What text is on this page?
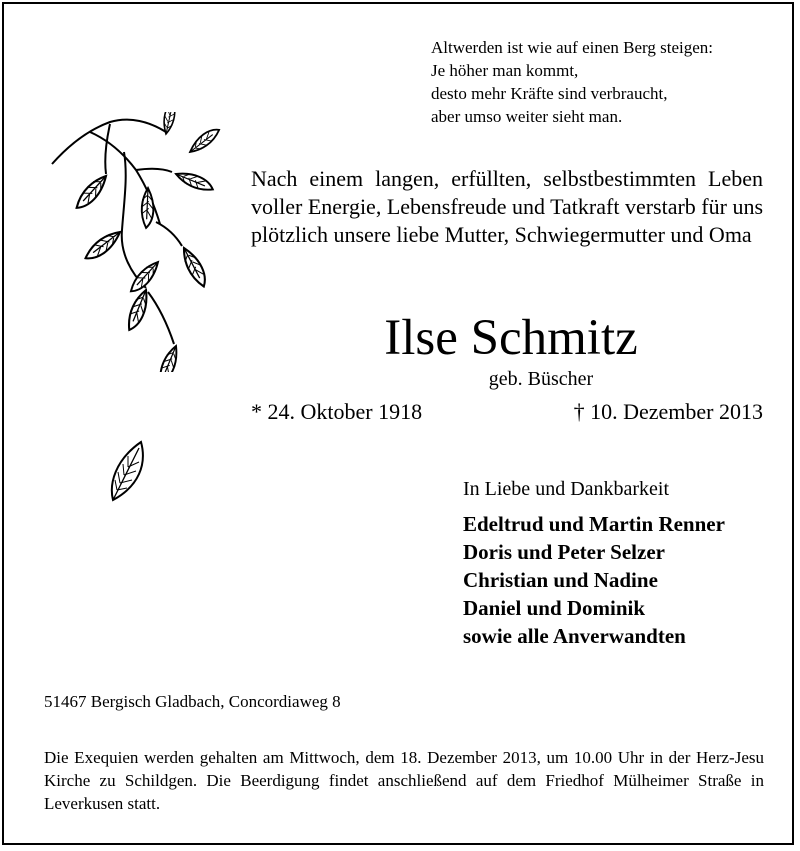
Altwerden ist wie auf einen Berg steigen:
Je höher man kommt,
desto mehr Kräfte sind verbraucht,
aber umso weiter sieht man.
Nach einem langen, erfüllten, selbstbestimmten Leben voller Energie, Lebensfreude und Tatkraft verstarb für uns plötzlich unsere liebe Mutter, Schwiegermutter und Oma
Ilse Schmitz
geb. Büscher
* 24. Oktober 1918	† 10. Dezember 2013
In Liebe und Dankbarkeit
Edeltrud und Martin Renner
Doris und Peter Selzer
Christian und Nadine
Daniel und Dominik
sowie alle Anverwandten
51467 Bergisch Gladbach, Concordiaweg 8
Die Exequien werden gehalten am Mittwoch, dem 18. Dezember 2013, um 10.00 Uhr in der Herz-Jesu Kirche zu Schildgen. Die Beerdigung findet anschließend auf dem Friedhof Mülheimer Straße in Leverkusen statt.
